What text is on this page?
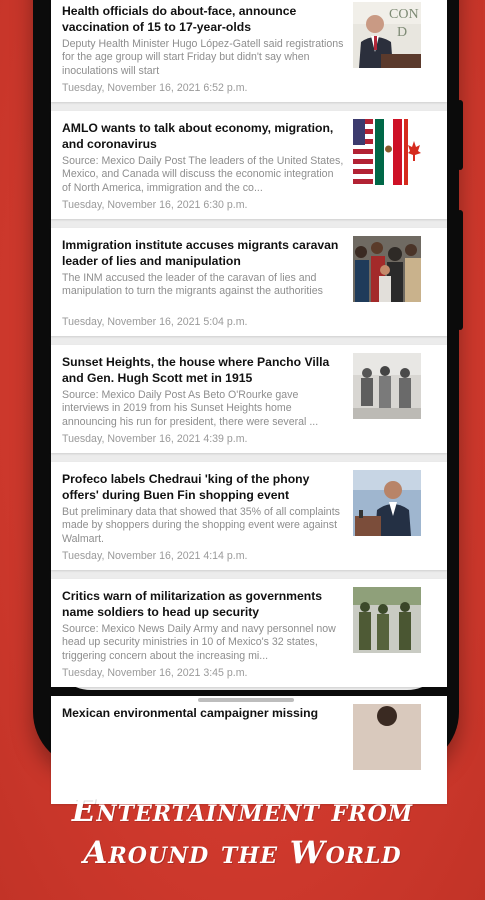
Health officials do about-face, announce vaccination of 15 to 17-year-olds
Deputy Health Minister Hugo López-Gatell said registrations for the age group will start Friday but didn't say when inoculations will start
Tuesday, November 16, 2021 6:52 p.m.
CON
D
AMLO wants to talk about economy, migration, and coronavirus
Source: Mexico Daily Post The leaders of the United States, Mexico, and Canada will discuss the economic integration of North America, immigration and the co...
Tuesday, November 16, 2021 6:30 p.m.
Immigration institute accuses migrants caravan leader of lies and manipulation
The INM accused the leader of the caravan of lies and manipulation to turn the migrants against the authorities
Tuesday, November 16, 2021 5:04 p.m.
Sunset Heights, the house where Pancho Villa and Gen. Hugh Scott met in 1915
Source: Mexico Daily Post As Beto O'Rourke gave interviews in 2019 from his Sunset Heights home announcing his run for president, there were several ...
Tuesday, November 16, 2021 4:39 p.m.
Profeco labels Chedraui 'king of the phony offers' during Buen Fin shopping event
But preliminary data that showed that 35% of all complaints made by shoppers during the shopping event were against Walmart.
Tuesday, November 16, 2021 4:14 p.m.
Critics warn of militarization as governments name soldiers to head up security
Source: Mexico News Daily Army and navy personnel now head up security ministries in 10 of Mexico's 32 states, triggering concern about the increasing mi...
Tuesday, November 16, 2021 3:45 p.m.
Mexican environmental campaigner missing
Entertainment from
Around the World
